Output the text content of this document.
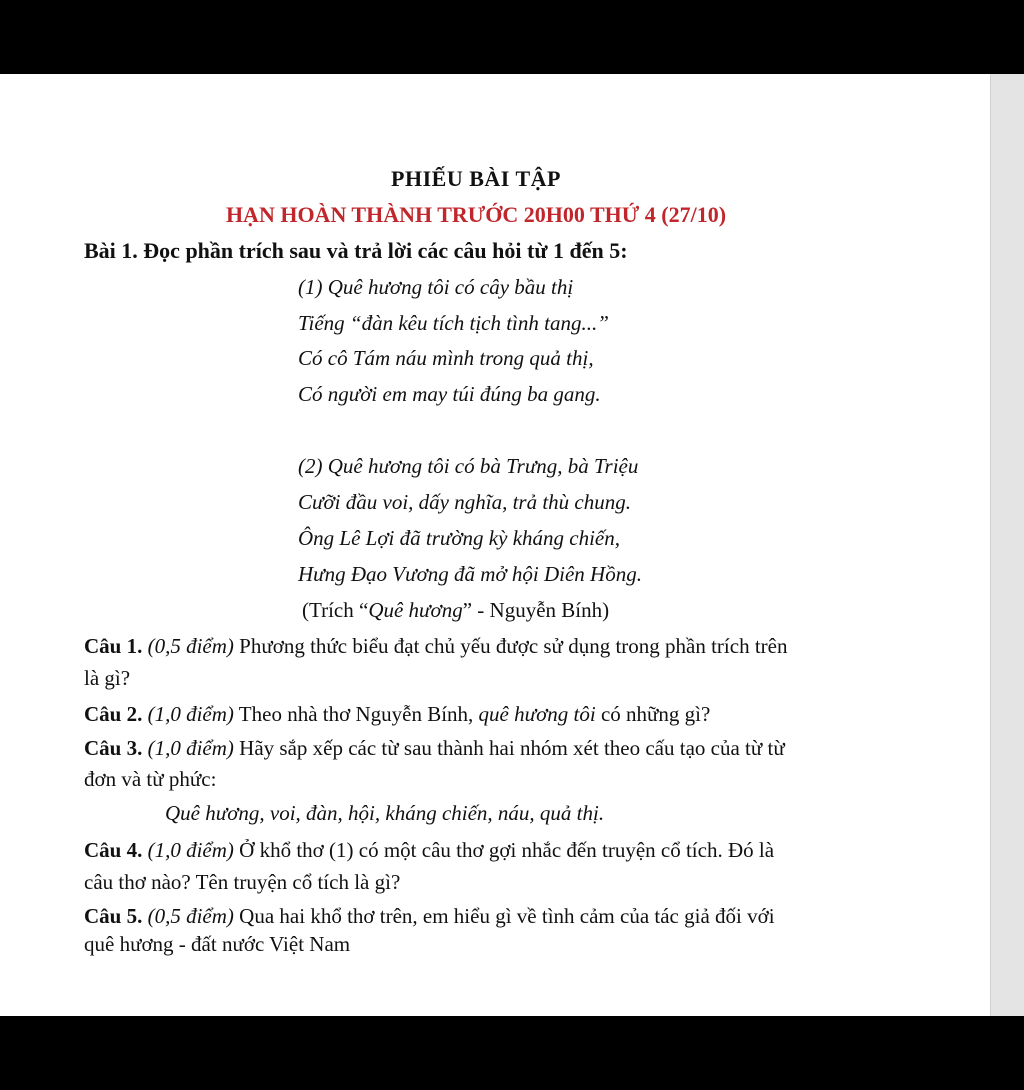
PHIẾU BÀI TẬP
HẠN HOÀN THÀNH TRƯỚC 20H00 THỨ 4 (27/10)
Bài 1. Đọc phần trích sau và trả lời các câu hỏi từ 1 đến 5:
(1) Quê hương tôi có cây bầu thị
Tiếng “đàn kêu tích tịch tình tang...”
Có cô Tám náu mình trong quả thị,
Có người em may túi đúng ba gang.
(2) Quê hương tôi có bà Trưng, bà Triệu
Cưỡi đầu voi, dấy nghĩa, trả thù chung.
Ông Lê Lợi đã trường kỳ kháng chiến,
Hưng Đạo Vương đã mở hội Diên Hồng.
(Trích “Quê hương” - Nguyễn Bính)
Câu 1. (0,5 điểm) Phương thức biểu đạt chủ yếu được sử dụng trong phần trích trên
là gì?
Câu 2. (1,0 điểm) Theo nhà thơ Nguyễn Bính, quê hương tôi có những gì?
Câu 3. (1,0 điểm) Hãy sắp xếp các từ sau thành hai nhóm xét theo cấu tạo của từ từ
đơn và từ phức:
Quê hương, voi, đàn, hội, kháng chiến, náu, quả thị.
Câu 4. (1,0 điểm) Ở khổ thơ (1) có một câu thơ gợi nhắc đến truyện cổ tích. Đó là
câu thơ nào? Tên truyện cổ tích là gì?
Câu 5. (0,5 điểm) Qua hai khổ thơ trên, em hiểu gì về tình cảm của tác giả đối với
quê hương - đất nước Việt Nam
